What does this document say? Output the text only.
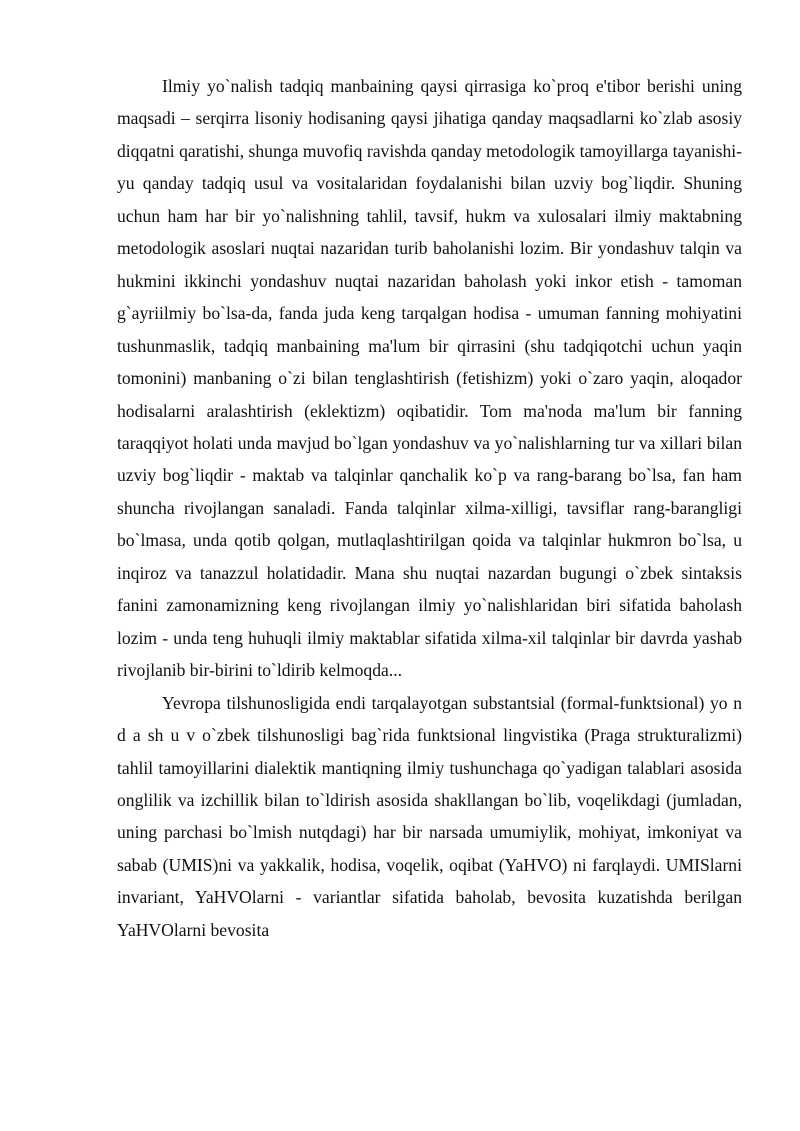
Ilmiy yo`nalish tadqiq manbaining qaysi qirrasiga ko`proq e'tibor berishi uning maqsadi – serqirra lisoniy hodisaning qaysi jihatiga qanday maqsadlarni ko`zlab asosiy diqqatni qaratishi, shunga muvofiq ravishda qanday metodologik tamoyillarga tayanishi-yu qanday tadqiq usul va vositalaridan foydalanishi bilan uzviy bog`liqdir. Shuning uchun ham har bir yo`nalishning tahlil, tavsif, hukm va xulosalari ilmiy maktabning metodologik asoslari nuqtai nazaridan turib baholanishi lozim. Bir yondashuv talqin va hukmini ikkinchi yondashuv nuqtai nazaridan baholash yoki inkor etish - tamoman g`ayriilmiy bo`lsa-da, fanda juda keng tarqalgan hodisa - umuman fanning mohiyatini tushunmaslik, tadqiq manbaining ma'lum bir qirrasini (shu tadqiqotchi uchun yaqin tomonini) manbaning o`zi bilan tenglashtirish (fetishizm) yoki o`zaro yaqin, aloqador hodisalarni aralashtirish (eklektizm) oqibatidir. Tom ma'noda ma'lum bir fanning taraqqiyot holati unda mavjud bo`lgan yondashuv va yo`nalishlarning tur va xillari bilan uzviy bog`liqdir - maktab va talqinlar qanchalik ko`p va rang-barang bo`lsa, fan ham shuncha rivojlangan sanaladi. Fanda talqinlar xilma-xilligi, tavsiflar rang-barangligi bo`lmasa, unda qotib qolgan, mutlaqlashtirilgan qoida va talqinlar hukmron bo`lsa, u inqiroz va tanazzul holatidadir. Mana shu nuqtai nazardan bugungi o`zbek sintaksis fanini zamonamizning keng rivojlangan ilmiy yo`nalishlaridan biri sifatida baholash lozim - unda teng huhuqli ilmiy maktablar sifatida xilma-xil talqinlar bir davrda yashab rivojlanib bir-birini to`ldirib kelmoqda...

Yevropa tilshunosligida endi tarqalayotgan substantsial (formal-funktsional) yo n d a sh u v o`zbek tilshunosligi bag`rida funktsional lingvistika (Praga strukturalizmi) tahlil tamoyillarini dialektik mantiqning ilmiy tushunchaga qo`yadigan talablari asosida onglilik va izchillik bilan to`ldirish asosida shakllangan bo`lib, voqelikdagi (jumladan, uning parchasi bo`lmish nutqdagi) har bir narsada umumiylik, mohiyat, imkoniyat va sabab (UMIS)ni va yakkalik, hodisa, voqelik, oqibat (YaHVO) ni farqlaydi. UMISlarni invariant, YaHVOlarni - variantlar sifatida baholab, bevosita kuzatishda berilgan YaHVOlarni bevosita
